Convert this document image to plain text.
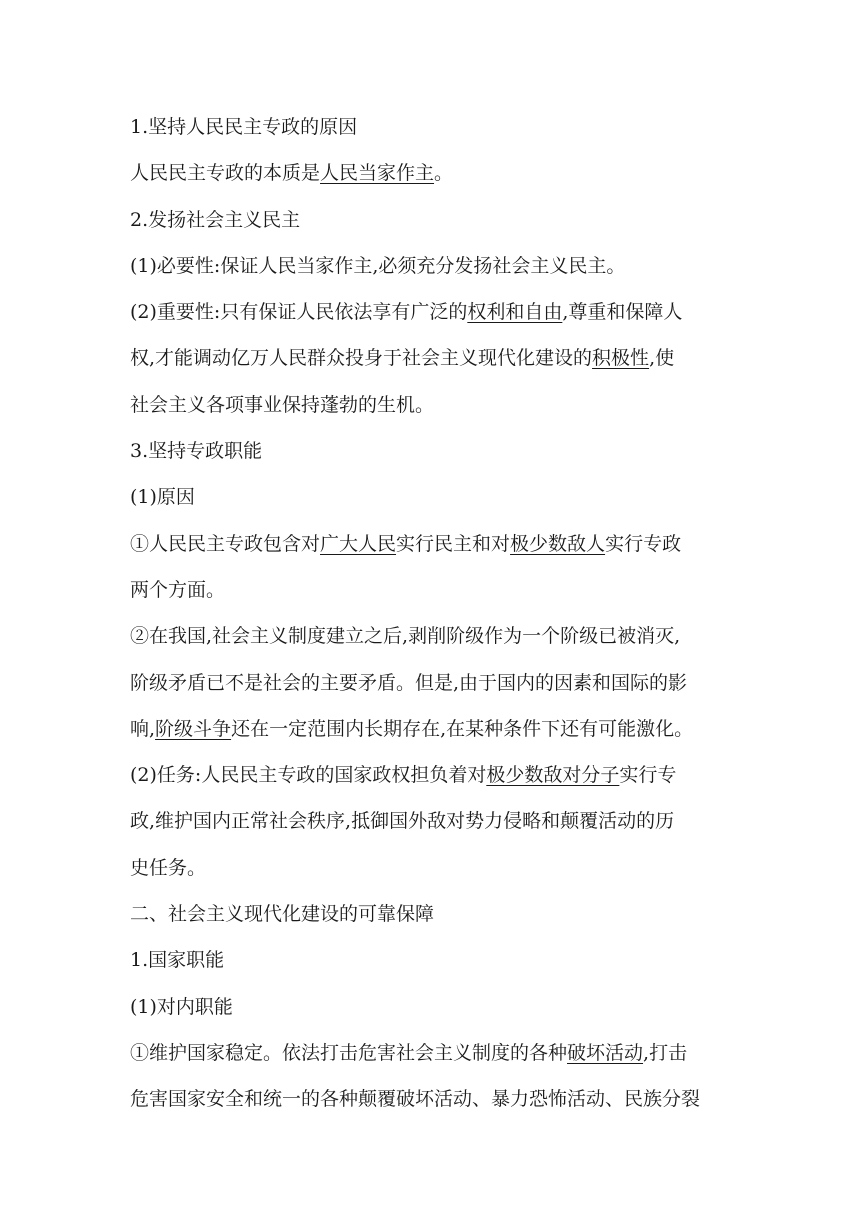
1.坚持人民民主专政的原因
人民民主专政的本质是人民当家作主。
2.发扬社会主义民主
(1)必要性:保证人民当家作主,必须充分发扬社会主义民主。
(2)重要性:只有保证人民依法享有广泛的权利和自由,尊重和保障人
权,才能调动亿万人民群众投身于社会主义现代化建设的积极性,使
社会主义各项事业保持蓬勃的生机。
3.坚持专政职能
(1)原因
①人民民主专政包含对广大人民实行民主和对极少数敌人实行专政
两个方面。
②在我国,社会主义制度建立之后,剥削阶级作为一个阶级已被消灭,
阶级矛盾已不是社会的主要矛盾。但是,由于国内的因素和国际的影
响,阶级斗争还在一定范围内长期存在,在某种条件下还有可能激化。
(2)任务:人民民主专政的国家政权担负着对极少数敌对分子实行专
政,维护国内正常社会秩序,抵御国外敌对势力侵略和颠覆活动的历
史任务。
二、社会主义现代化建设的可靠保障
1.国家职能
(1)对内职能
①维护国家稳定。依法打击危害社会主义制度的各种破坏活动,打击
危害国家安全和统一的各种颠覆破坏活动、暴力恐怖活动、民族分裂
